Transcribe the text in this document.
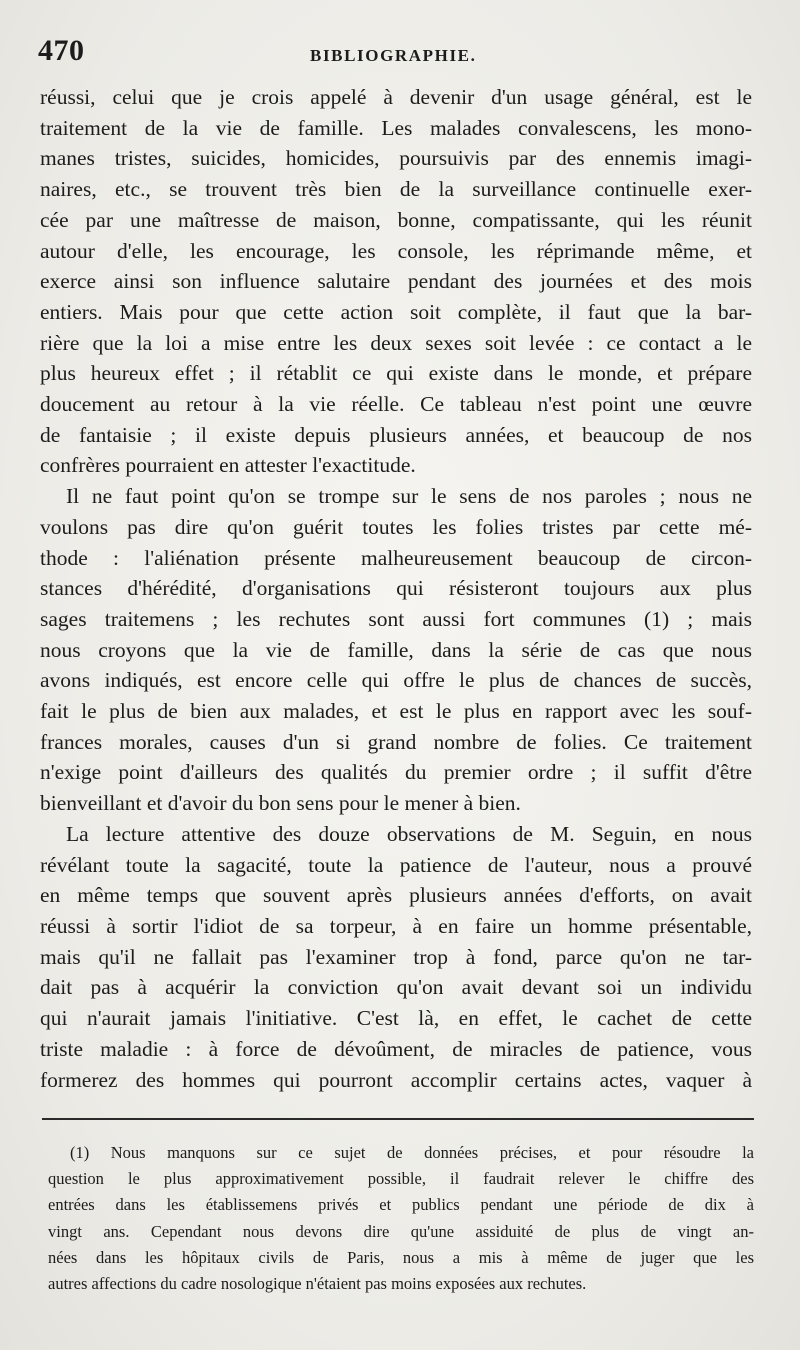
470	BIBLIOGRAPHIE.
réussi, celui que je crois appelé à devenir d'un usage général, est le
traitement de la vie de famille. Les malades convalescens, les mono-
manes tristes, suicides, homicides, poursuivis par des ennemis imagi-
naires, etc., se trouvent très bien de la surveillance continuelle exer-
cée par une maîtresse de maison, bonne, compatissante, qui les réunit
autour d'elle, les encourage, les console, les réprimande même, et
exerce ainsi son influence salutaire pendant des journées et des mois
entiers. Mais pour que cette action soit complète, il faut que la bar-
rière que la loi a mise entre les deux sexes soit levée : ce contact a le
plus heureux effet ; il rétablit ce qui existe dans le monde, et prépare
doucement au retour à la vie réelle. Ce tableau n'est point une œuvre
de fantaisie ; il existe depuis plusieurs années, et beaucoup de nos
confrères pourraient en attester l'exactitude.
Il ne faut point qu'on se trompe sur le sens de nos paroles ; nous ne
voulons pas dire qu'on guérit toutes les folies tristes par cette mé-
thode : l'aliénation présente malheureusement beaucoup de circon-
stances d'hérédité, d'organisations qui résisteront toujours aux plus
sages traitemens ; les rechutes sont aussi fort communes (1) ; mais
nous croyons que la vie de famille, dans la série de cas que nous
avons indiqués, est encore celle qui offre le plus de chances de succès,
fait le plus de bien aux malades, et est le plus en rapport avec les souf-
frances morales, causes d'un si grand nombre de folies. Ce traitement
n'exige point d'ailleurs des qualités du premier ordre ; il suffit d'être
bienveillant et d'avoir du bon sens pour le mener à bien.
La lecture attentive des douze observations de M. Seguin, en nous
révélant toute la sagacité, toute la patience de l'auteur, nous a prouvé
en même temps que souvent après plusieurs années d'efforts, on avait
réussi à sortir l'idiot de sa torpeur, à en faire un homme présentable,
mais qu'il ne fallait pas l'examiner trop à fond, parce qu'on ne tar-
dait pas à acquérir la conviction qu'on avait devant soi un individu
qui n'aurait jamais l'initiative. C'est là, en effet, le cachet de cette
triste maladie : à force de dévoûment, de miracles de patience, vous
formerez des hommes qui pourront accomplir certains actes, vaquer à
(1) Nous manquons sur ce sujet de données précises, et pour résoudre la
question le plus approximativement possible, il faudrait relever le chiffre des
entrées dans les établissemens privés et publics pendant une période de dix à
vingt ans. Cependant nous devons dire qu'une assiduité de plus de vingt an-
nées dans les hôpitaux civils de Paris, nous a mis à même de juger que les
autres affections du cadre nosologique n'étaient pas moins exposées aux rechutes.
